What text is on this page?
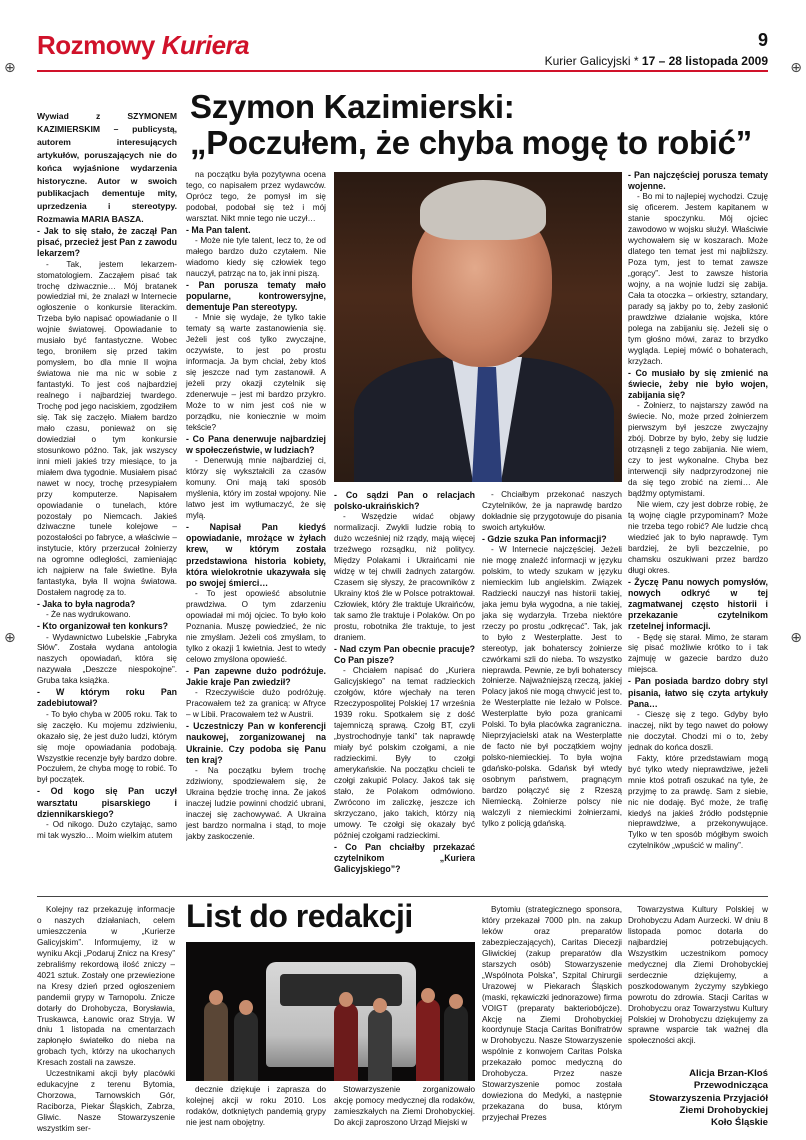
Rozmowy Kuriera	9
Kurier Galicyjski * 17 – 28 listopada 2009
⊕	⊕
⊕	⊕
Szymon Kazimierski:
„Poczułem, że chyba mogę to robić”
Wywiad z SZYMONEM KAZIMIERSKIM – publicystą, autorem interesujących artykułów, poruszających nie do końca wyjaśnione wydarzenia historyczne. Autor w swoich publikacjach dementuje mity, uprzedzenia i stereotypy. Rozmawia MARIA BASZA.

- Jak to się stało, że zaczął Pan pisać, przecież jest Pan z zawodu lekarzem?

- Tak, jestem lekarzem-stomatologiem. Zacząłem pisać tak trochę dziwacznie… Mój bratanek powiedział mi, że znalazł w Internecie ogłoszenie o konkursie literackim. Trzeba było napisać opowiadanie o II wojnie światowej. Opowiadanie to musiało być fantastyczne. Wobec tego, broniłem się przed takim pomysłem, bo dla mnie II wojna światowa nie ma nic w sobie z fantastyki. To jest coś najbardziej realnego i najbardziej twardego. Trochę pod jego naciskiem, zgodziłem się. Tak się zaczęło. Miałem bardzo mało czasu, ponieważ on się dowiedział o tym konkursie stosunkowo późno. Tak, jak wszyscy inni mieli jakieś trzy miesiące, to ja miałem dwa tygodnie. Musiałem pisać nawet w nocy, trochę przesypiałem przy komputerze. Napisałem opowiadanie o tunelach, które pozostały po Niemcach. Jakieś dziwaczne tunele kolejowe – pozostałości po fabryce, a właściwie – instytucie, który przerzucał żołnierzy na ogromne odległości, zamieniając ich najpierw na fale świetlne. Była fantastyka, była II wojna światowa. Dostałem nagrodę za to.

- Jaka to była nagroda?

- Że nas wydrukowano.

- Kto organizował ten konkurs?

- Wydawnictwo Lubelskie „Fabryka Słów”. Została wydana antologia naszych opowiadań, która się nazywała „Deszcze niespokojne”. Gruba taka książka.

- W którym roku Pan zadebiutował?

- To było chyba w 2005 roku. Tak to się zaczęło. Ku mojemu zdziwieniu, okazało się, że jest dużo ludzi, którym się moje opowiadania podobają. Wszystkie recenzje były bardzo dobre. Poczułem, że chyba mogę to robić. To był początek.

- Od kogo się Pan uczył warsztatu pisarskiego i dziennikarskiego?

- Od nikogo. Dużo czytając, samo mi tak wyszło… Moim wielkim atutem

na początku była pozytywna ocena tego, co napisałem przez wydawców. Oprócz tego, że pomysł im się podobał, podobał się też i mój warsztat. Nikt mnie tego nie uczył…

- Ma Pan talent.

- Może nie tyle talent, lecz to, że od małego bardzo dużo czytałem. Nie wiadomo kiedy się człowiek tego nauczył, patrząc na to, jak inni piszą.

- Pan porusza tematy mało popularne, kontrowersyjne, dementuje Pan stereotypy.

- Mnie się wydaje, że tylko takie tematy są warte zastanowienia się. Jeżeli jest coś tylko zwyczajne, oczywiste, to jest po prostu informacja. Ja bym chciał, żeby ktoś się jeszcze nad tym zastanowił. A jeżeli przy okazji czytelnik się zdenerwuje – jest mi bardzo przykro. Może to w nim jest coś nie w porządku, nie koniecznie w moim tekście?

- Co Pana denerwuje najbardziej w społeczeństwie, w ludziach?

- Denerwują mnie najbardziej ci, którzy się wykształcili za czasów komuny. Oni mają taki sposób myślenia, który im został wpojony. Nie latwo jest im wytłumaczyć, że się mylą.

- Napisał Pan kiedyś opowiadanie, mrożące w żyłach krew, w którym została przedstawiona historia kobiety, która wielokrotnie ukazywała się po swojej śmierci…

- To jest opowieść absolutnie prawdziwa. O tym zdarzeniu opowiadał mi mój ojciec. To było koło Poznania. Muszę powiedzieć, że nic nie zmyślam. Jeżeli coś zmyślam, to tylko z okazji 1 kwietnia. Jest to wtedy celowo zmyślona opowieść.

- Pan zapewne dużo podróżuje. Jakie kraje Pan zwiedził?

- Rzeczywiście dużo podróżuję. Pracowałem też za granicą: w Afryce – w Libii. Pracowałem też w Austrii.

- Uczestniczy Pan w konferencji naukowej, zorganizowanej na Ukrainie. Czy podoba się Panu ten kraj?

- Na początku byłem trochę zdziwiony, spodziewałem się, że Ukraina będzie trochę inna. Że jakoś inaczej ludzie powinni chodzić ubrani, inaczej się zachowywać. A Ukraina jest bardzo normalna i stąd, to moje jakby zaskoczenie.

- Co sądzi Pan o relacjach polsko-ukraińskich?

- Wszędzie widać objawy normalizacji. Zwykli ludzie robią to dużo wcześniej niż rządy, mają więcej trzeźwego rozsądku, niż politycy. Między Polakami i Ukraińcami nie widzę w tej chwili żadnych zatargów. Czasem się słyszy, że pracowników z Ukrainy ktoś źle w Polsce potraktował. Człowiek, który źle traktuje Ukraińców, tak samo źle traktuje i Polaków. On po prostu, robotnika źle traktuje, to jest draniem.

- Nad czym Pan obecnie pracuje? Co Pan pisze?

- Chciałem napisać do „Kuriera Galicyjskiego” na temat radzieckich czołgów, które wjechały na teren Rzeczypospolitej Polskiej 17 września 1939 roku. Spotkałem się z dość tajemniczą sprawą. Czołg BT, czyli „bystrochodnyje tanki” tak naprawdę miały być polskim czołgami, a nie radzieckimi. Były to czołgi amerykańskie. Na początku chcieli te czołgi zakupić Polacy. Jakoś tak się stało, że Polakom odmówiono. Zwrócono im zaliczkę, jeszcze ich skrzyczano, jako takich, którzy nią umowy. Te czołgi się okazały być później czołgami radzieckimi.

- Co Pan chciałby przekazać czytelnikom „Kuriera Galicyjskiego”?

- Chciałbym przekonać naszych Czytelników, że ja naprawdę bardzo dokładnie się przygotowuje do pisania swoich artykułów.

- Gdzie szuka Pan informacji?

- W Internecie najczęściej. Jeżeli nie mogę znaleźć informacji w języku polskim, to wtedy szukam w języku niemieckim lub angielskim. Związek Radziecki nauczył nas historii takiej, jaka jemu była wygodna, a nie takiej, jaka się wydarzyła. Trzeba niektóre rzeczy po prostu „odkręcać”. Tak, jak to było z Westerplatte. Jest to stereotyp, jak bohaterscy żołnierze czwórkami szli do nieba. To wszystko nieprawda. Pewnie, ze byli bohaterscy żołnierze. Najważniejszą rzeczą, jakiej Polacy jakoś nie mogą chwycić jest to, że Westerplatte nie leżało w Polsce. Westerplatte było poza granicami Polski. To była placówka zagraniczna. Nieprzyjacielski atak na Westerplatte de facto nie był początkiem wojny polsko-niemieckiej. To była wojna gdańsko-polska. Gdańsk był wtedy osobnym państwem, pragnącym bardzo połączyć się z Rzeszą Niemiecką. Żołnierze polscy nie walczyli z niemieckimi żołnierzami, tylko z policją gdańską.

- Pan najczęściej porusza tematy wojenne.

- Bo mi to najlepiej wychodzi. Czuję się oficerem. Jestem kapitanem w stanie spoczynku. Mój ojciec zawodowo w wojsku służył. Właściwie wychowałem się w koszarach. Może dlatego ten temat jest mi najbliższy. Poza tym, jest to temat zawsze „gorący”. Jest to zawsze historia wojny, a na wojnie ludzi się zabija. Cała ta otoczka – orkiestry, sztandary, parady są jakby po to, żeby zasłonić prawdziwe działanie wojska, które polega na zabijaniu się. Jeżeli się o tym głośno mówi, zaraz to brzydko wygląda. Lepiej mówić o bohaterach, krzyżach.

- Co musiało by się zmienić na świecie, żeby nie było wojen, zabijania się?

- Żołnierz, to najstarszy zawód na świecie. No, może przed żołnierzem pierwszym był jeszcze zwyczajny zbój. Dobrze by było, żeby się ludzie otrząsnęli z tego zabijania. Nie wiem, czy to jest wykonalne. Chyba bez interwencji siły nadprzyrodzonej nie da się tego zrobić na ziemi… Ale bądźmy optymistami.

Nie wiem, czy jest dobrze robię, że tą wojnę ciągle przypominam? Może nie trzeba tego robić? Ale ludzie chcą wiedzieć jak to było naprawdę. Tym bardziej, że byli bezczelnie, po chamsku oszukiwani przez bardzo długi okres.

- Życzę Panu nowych pomysłów, nowych odkryć w tej zagmatwanej często historii i przekazanie czytelnikom rzetelnej informacji.

- Będę się starał. Mimo, że staram się pisać możliwie krótko to i tak zajmuję w gazecie bardzo dużo miejsca.

- Pan posiada bardzo dobry styl pisania, łatwo się czyta artykuły Pana…

- Cieszę się z tego. Gdyby było inaczej, nikt by tego nawet do połowy nie doczytał. Chodzi mi o to, żeby jednak do końca doszli.

Fakty, które przedstawiam mogą być tylko wtedy nieprawdziwe, jeżeli mnie ktoś potrafi oszukać na tyle, że przyjmę to za prawdę. Sam z siebie, nic nie dodaję. Być może, że trafię kiedyś na jakieś źródło podstępnie nieprawdziwe, a przekonywujące. Tylko w ten sposób mógłbym swoich czytelników „wpuścić w maliny”.

Kolejny raz przekazuję informacje o naszych działaniach, celem umieszczenia w „Kurierze Galicyjskim”. Informujemy, iż w wyniku Akcji „Podaruj Znicz na Kresy” zebraliśmy rekordową ilość zniczy – 4021 sztuk. Zostały one przewiezione na Kresy dzień przed ogłoszeniem pandemii grypy w Tarnopolu. Znicze dotarły do Drohobycza, Borysławia, Truskawca, Łanowic oraz Stryja. W dniu 1 listopada na cmentarzach zapłonęło światełko do nieba na grobach tych, którzy na ukochanych Kresach zostali na zawsze.

Uczestnikami akcji były placówki edukacyjne z terenu Bytomia, Chorzowa, Tarnowskich Gór, Raciborza, Piekar Śląskich, Zabrza, Gliwic. Nasze Stowarzyszenie wszystkim ser-

List do redakcji

decznie dziękuje i zaprasza do kolejnej akcji w roku 2010. Los rodaków, dotkniętych pandemią grypy nie jest nam obojętny.

Stowarzyszenie zorganizowało akcję pomocy medycznej dla rodaków, zamieszkałych na Ziemi Drohobyckiej. Do akcji zaproszono Urząd Miejski w

Bytomiu (strategicznego sponsora, który przekazał 7000 pln. na zakup leków oraz preparatów zabezpieczających), Caritas Diecezji Gliwickiej (zakup preparatów dla starszych osób) Stowarzyszenie „Wspólnota Polska”, Szpital Chirurgii Urazowej w Piekarach Śląskich (maski, rękawiczki jednorazowe) firma VOIGT (preparaty bakteriobójcze). Akcję na Ziemi Drohobyckiej koordynuje Stacja Caritas Bonifratrów w Drohobyczu. Nasze Stowarzyszenie wspólnie z konwojem Caritas Polska przekazało pomoc medyczną do Drohobycza. Przez nasze Stowarzyszenie pomoc została dowieziona do Medyki, a następnie przekazana do busa, którym przyjechał Prezes

Towarzystwa Kultury Polskiej w Drohobyczu Adam Aurzecki. W dniu 8 listopada pomoc dotarła do najbardziej potrzebujących. Wszystkim uczestnikom pomocy medycznej dla Ziemi Drohobyckiej serdecznie dziękujemy, a poszkodowanym życzymy szybkiego powrotu do zdrowia. Stacji Caritas w Drohobyczu oraz Towarzystwu Kultury Polskiej w Drohobyczu dziękujemy za sprawne wsparcie tak ważnej dla społeczności akcji.

Alicja Brzan-Kloś
Przewodnicząca
Stowarzyszenia Przyjaciół
Ziemi Drohobyckiej
Koło Śląskie
